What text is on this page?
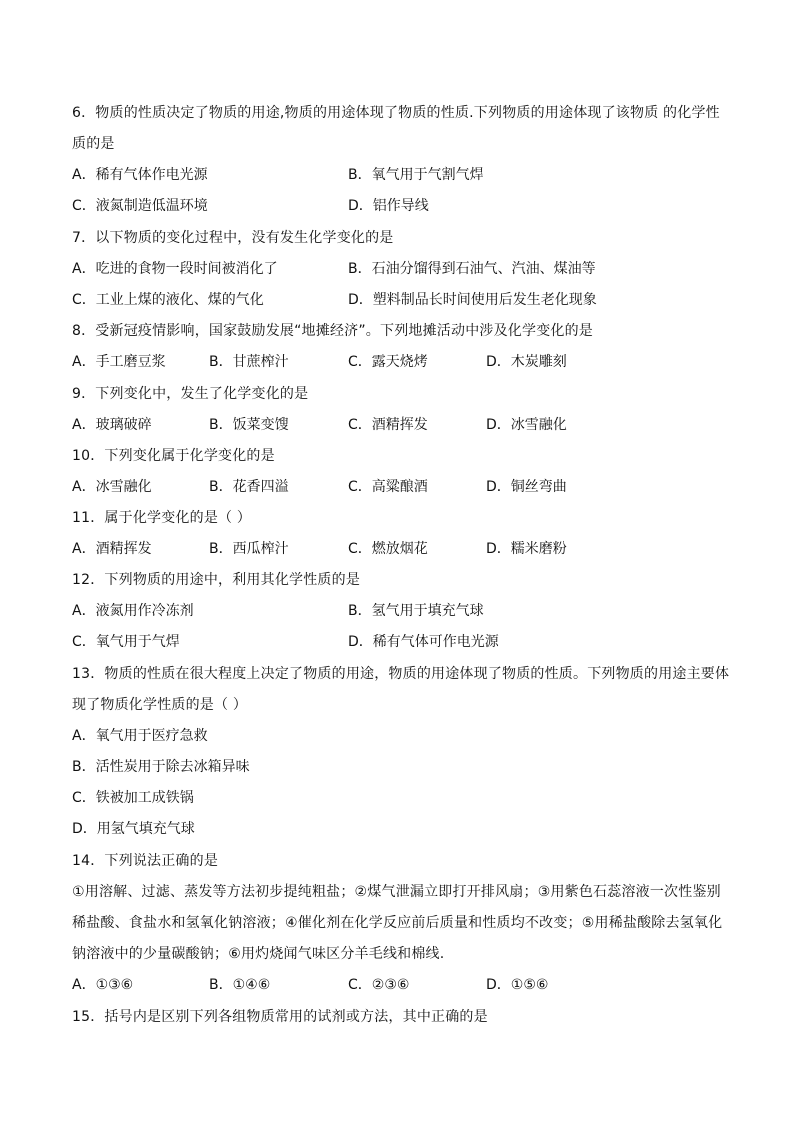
6．物质的性质决定了物质的用途,物质的用途体现了物质的性质.下列物质的用途体现了该物质 的化学性
质的是
A．稀有气体作电光源	B．氧气用于气割气焊
C．液氮制造低温环境	D．铝作导线
7．以下物质的变化过程中，没有发生化学变化的是
A．吃进的食物一段时间被消化了	B．石油分馏得到石油气、汽油、煤油等
C．工业上煤的液化、煤的气化	D．塑料制品长时间使用后发生老化现象
8．受新冠疫情影响，国家鼓励发展“地摊经济”。下列地摊活动中涉及化学变化的是
A．手工磨豆浆	B．甘蔗榨汁	C．露天烧烤	D．木炭雕刻
9．下列变化中，发生了化学变化的是
A．玻璃破碎	B．饭菜变馊	C．酒精挥发	D．冰雪融化
10．下列变化属于化学变化的是
A．冰雪融化	B．花香四溢	C．高粱酿酒	D．铜丝弯曲
11．属于化学变化的是（ ）
A．酒精挥发	B．西瓜榨汁	C．燃放烟花	D．糯米磨粉
12．下列物质的用途中，利用其化学性质的是
A．液氮用作冷冻剂	B．氢气用于填充气球
C．氧气用于气焊	D．稀有气体可作电光源
13．物质的性质在很大程度上决定了物质的用途，物质的用途体现了物质的性质。下列物质的用途主要体
现了物质化学性质的是（ ）
A．氧气用于医疗急救
B．活性炭用于除去冰箱异味
C．铁被加工成铁锅
D．用氢气填充气球
14．下列说法正确的是
①用溶解、过滤、蒸发等方法初步提纯粗盐；②煤气泄漏立即打开排风扇；③用紫色石蕊溶液一次性鉴别
稀盐酸、食盐水和氢氧化钠溶液；④催化剂在化学反应前后质量和性质均不改变；⑤用稀盐酸除去氢氧化
钠溶液中的少量碳酸钠；⑥用灼烧闻气味区分羊毛线和棉线.
A．①③⑥	B．①④⑥	C．②③⑥	D．①⑤⑥
15．括号内是区别下列各组物质常用的试剂或方法，其中正确的是
